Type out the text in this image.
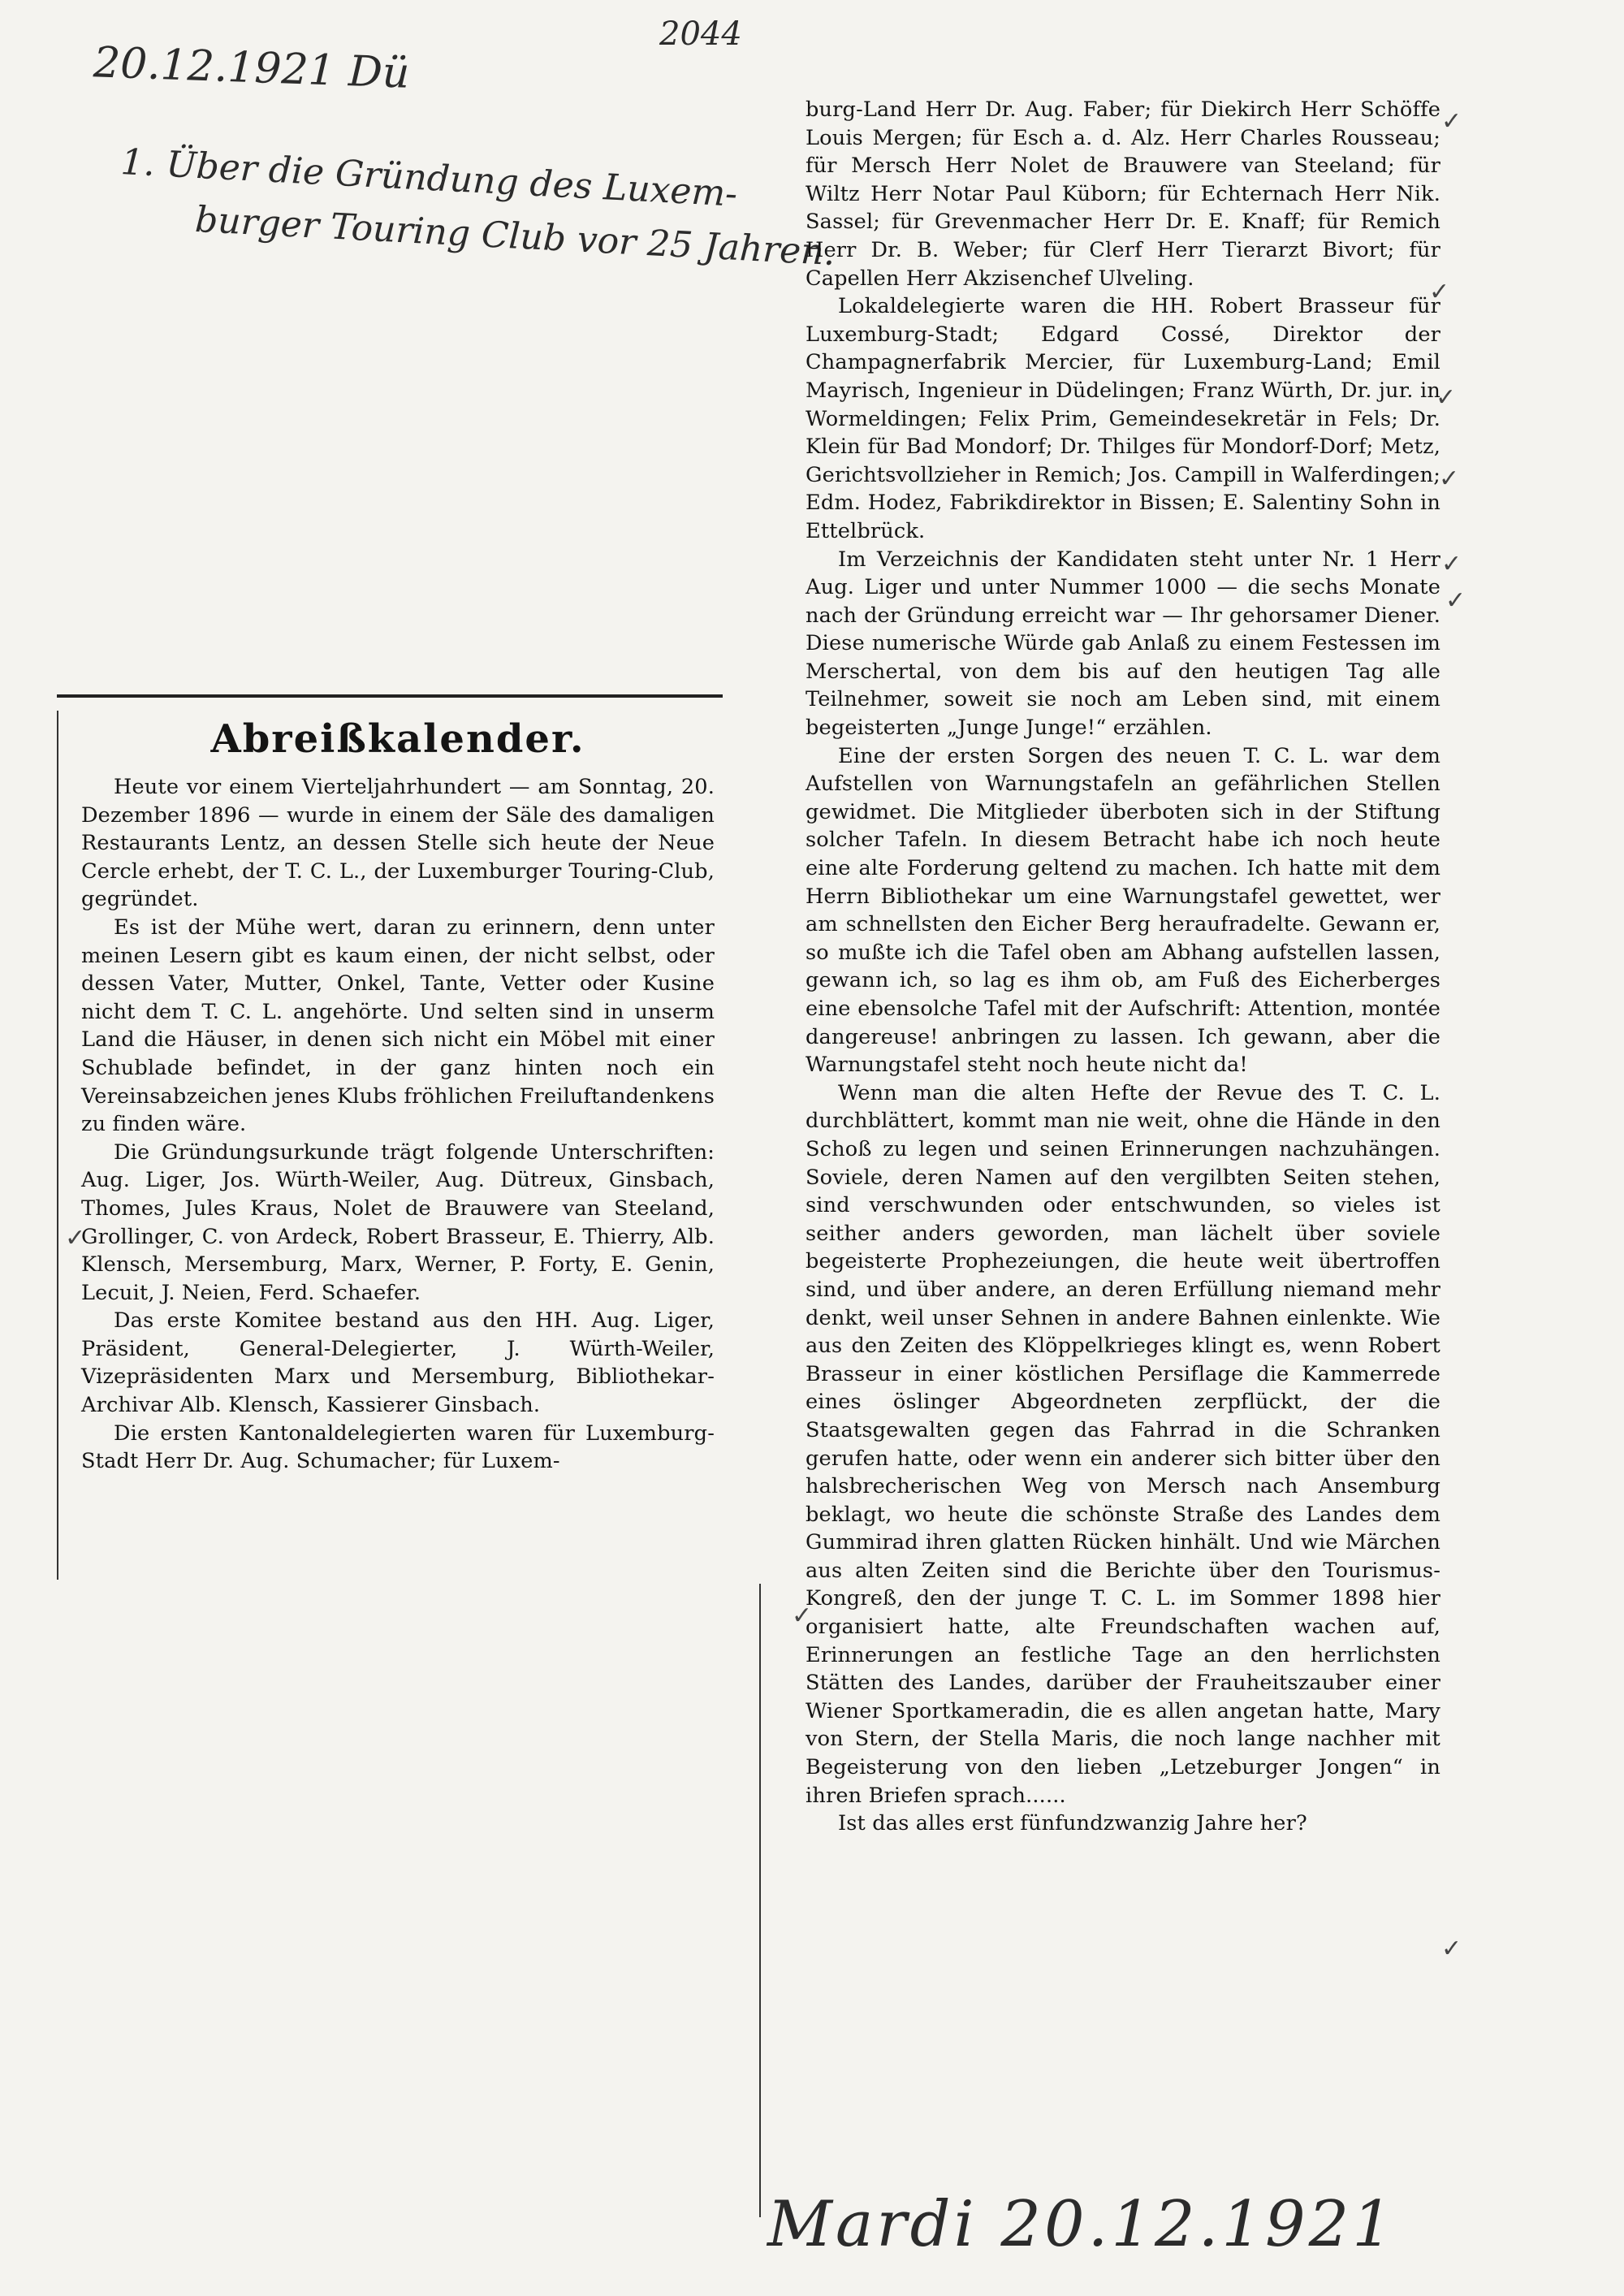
20.12.1921 Dü
2044

1. Über die Gründung des Luxem-

burger Touring Club vor 25 Jahren.

Mardi 20.12.1921
Abreißkalender.

Heute vor einem Vierteljahrhundert — am Sonntag, 20. Dezember 1896 — wurde in einem der Säle des damaligen Restaurants Lentz, an dessen Stelle sich heute der Neue Cercle erhebt, der T. C. L., der Luxemburger Touring-Club, gegründet.

Es ist der Mühe wert, daran zu erinnern, denn unter meinen Lesern gibt es kaum einen, der nicht selbst, oder dessen Vater, Mutter, Onkel, Tante, Vetter oder Kusine nicht dem T. C. L. angehörte. Und selten sind in unserm Land die Häuser, in denen sich nicht ein Möbel mit einer Schublade befindet, in der ganz hinten noch ein Vereinsabzeichen jenes Klubs fröhlichen Freiluftandenkens zu finden wäre.

Die Gründungsurkunde trägt folgende Unterschriften: Aug. Liger, Jos. Würth-Weiler, Aug. Dütreux, Ginsbach, Thomes, Jules Kraus, Nolet de Brauwere van Steeland, Grollinger, C. von Ardeck, Robert Brasseur, E. Thierry, Alb. Klensch, Mersemburg, Marx, Werner, P. Forty, E. Genin, Lecuit, J. Neien, Ferd. Schaefer.

Das erste Komitee bestand aus den HH. Aug. Liger, Präsident, General-Delegierter, J. Würth-Weiler, Vizepräsidenten Marx und Mersemburg, Bibliothekar-Archivar Alb. Klensch, Kassierer Ginsbach.

Die ersten Kantonaldelegierten waren für Luxemburg-Stadt Herr Dr. Aug. Schumacher; für Luxem-

burg-Land Herr Dr. Aug. Faber; für Diekirch Herr Schöffe Louis Mergen; für Esch a. d. Alz. Herr Charles Rousseau; für Mersch Herr Nolet de Brauwere van Steeland; für Wiltz Herr Notar Paul Küborn; für Echternach Herr Nik. Sassel; für Grevenmacher Herr Dr. E. Knaff; für Remich Herr Dr. B. Weber; für Clerf Herr Tierarzt Bivort; für Capellen Herr Akzisenchef Ulveling.

Lokaldelegierte waren die HH. Robert Brasseur für Luxemburg-Stadt; Edgard Cossé, Direktor der Champagnerfabrik Mercier, für Luxemburg-Land; Emil Mayrisch, Ingenieur in Düdelingen; Franz Würth, Dr. jur. in Wormeldingen; Felix Prim, Gemeindesekretär in Fels; Dr. Klein für Bad Mondorf; Dr. Thilges für Mondorf-Dorf; Metz, Gerichtsvollzieher in Remich; Jos. Campill in Walferdingen; Edm. Hodez, Fabrikdirektor in Bissen; E. Salentiny Sohn in Ettelbrück.

Im Verzeichnis der Kandidaten steht unter Nr. 1 Herr Aug. Liger und unter Nummer 1000 — die sechs Monate nach der Gründung erreicht war — Ihr gehorsamer Diener. Diese numerische Würde gab Anlaß zu einem Festessen im Merschertal, von dem bis auf den heutigen Tag alle Teilnehmer, soweit sie noch am Leben sind, mit einem begeisterten „Junge Junge!“ erzählen.

Eine der ersten Sorgen des neuen T. C. L. war dem Aufstellen von Warnungstafeln an gefährlichen Stellen gewidmet. Die Mitglieder überboten sich in der Stiftung solcher Tafeln. In diesem Betracht habe ich noch heute eine alte Forderung geltend zu machen. Ich hatte mit dem Herrn Bibliothekar um eine Warnungstafel gewettet, wer am schnellsten den Eicher Berg heraufradelte. Gewann er, so mußte ich die Tafel oben am Abhang aufstellen lassen, gewann ich, so lag es ihm ob, am Fuß des Eicherberges eine ebensolche Tafel mit der Aufschrift: Attention, montée dangereuse! anbringen zu lassen. Ich gewann, aber die Warnungstafel steht noch heute nicht da!

Wenn man die alten Hefte der Revue des T. C. L. durchblättert, kommt man nie weit, ohne die Hände in den Schoß zu legen und seinen Erinnerungen nachzuhängen. Soviele, deren Namen auf den vergilbten Seiten stehen, sind verschwunden oder entschwunden, so vieles ist seither anders geworden, man lächelt über soviele begeisterte Prophezeiungen, die heute weit übertroffen sind, und über andere, an deren Erfüllung niemand mehr denkt, weil unser Sehnen in andere Bahnen einlenkte. Wie aus den Zeiten des Klöppelkrieges klingt es, wenn Robert Brasseur in einer köstlichen Persiflage die Kammerrede eines öslinger Abgeordneten zerpflückt, der die Staatsgewalten gegen das Fahrrad in die Schranken gerufen hatte, oder wenn ein anderer sich bitter über den halsbrecherischen Weg von Mersch nach Ansemburg beklagt, wo heute die schönste Straße des Landes dem Gummirad ihren glatten Rücken hinhält. Und wie Märchen aus alten Zeiten sind die Berichte über den Tourismus-Kongreß, den der junge T. C. L. im Sommer 1898 hier organisiert hatte, alte Freundschaften wachen auf, Erinnerungen an festliche Tage an den herrlichsten Stätten des Landes, darüber der Frauheitszauber einer Wiener Sportkameradin, die es allen angetan hatte, Mary von Stern, der Stella Maris, die noch lange nachher mit Begeisterung von den lieben „Letzeburger Jongen“ in ihren Briefen sprach......

Ist das alles erst fünfundzwanzig Jahre her?

✓
✓
✓
✓
✓
✓
✓
✓
✓
